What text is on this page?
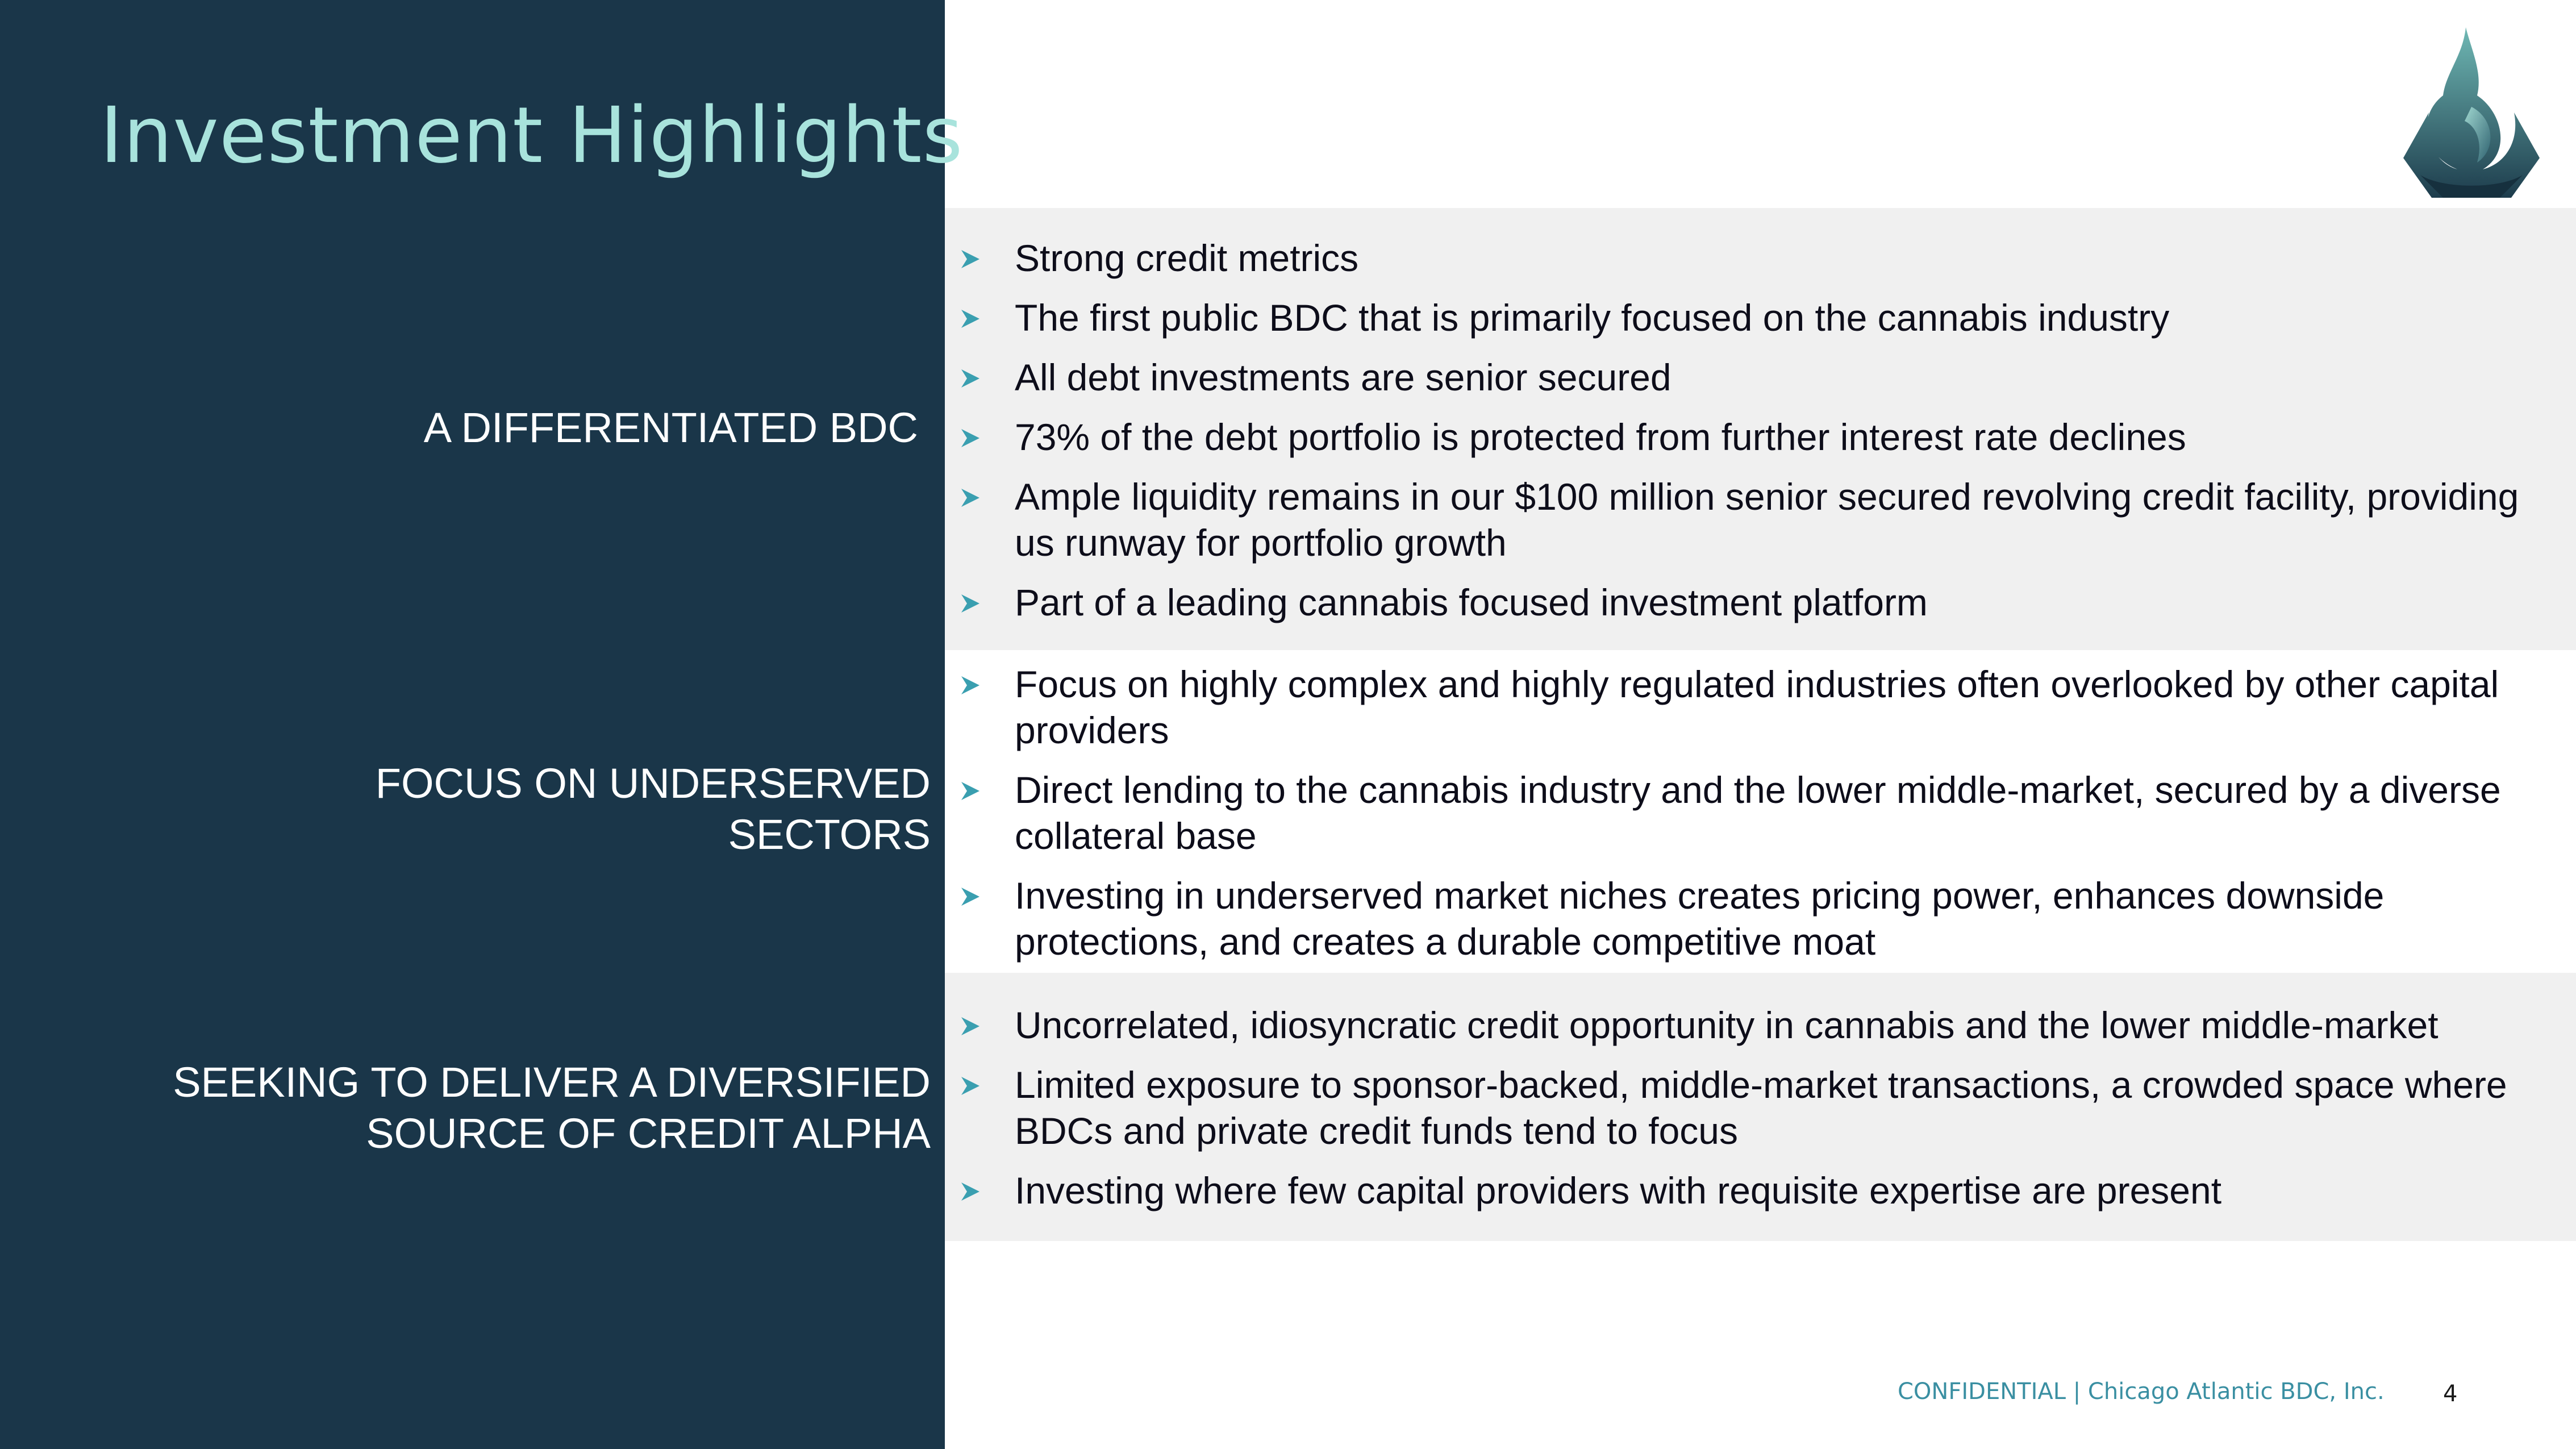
Investment Highlights
A DIFFERENTIATED BDC
Strong credit metrics
The first public BDC that is primarily focused on the cannabis industry
All debt investments are senior secured
73% of the debt portfolio is protected from further interest rate declines
Ample liquidity remains in our $100 million senior secured revolving credit facility, providing us runway for portfolio growth
Part of a leading cannabis focused investment platform
FOCUS ON UNDERSERVED
SECTORS
Focus on highly complex and highly regulated industries often overlooked by other capital providers
Direct lending to the cannabis industry and the lower middle-market, secured by a diverse collateral base
Investing in underserved market niches creates pricing power, enhances downside protections, and creates a durable competitive moat
SEEKING TO DELIVER A DIVERSIFIED
SOURCE OF CREDIT ALPHA
Uncorrelated, idiosyncratic credit opportunity in cannabis and the lower middle-market
Limited exposure to sponsor-backed, middle-market transactions, a crowded space where BDCs and private credit funds tend to focus
Investing where few capital providers with requisite expertise are present
CONFIDENTIAL | Chicago Atlantic BDC, Inc.	4
